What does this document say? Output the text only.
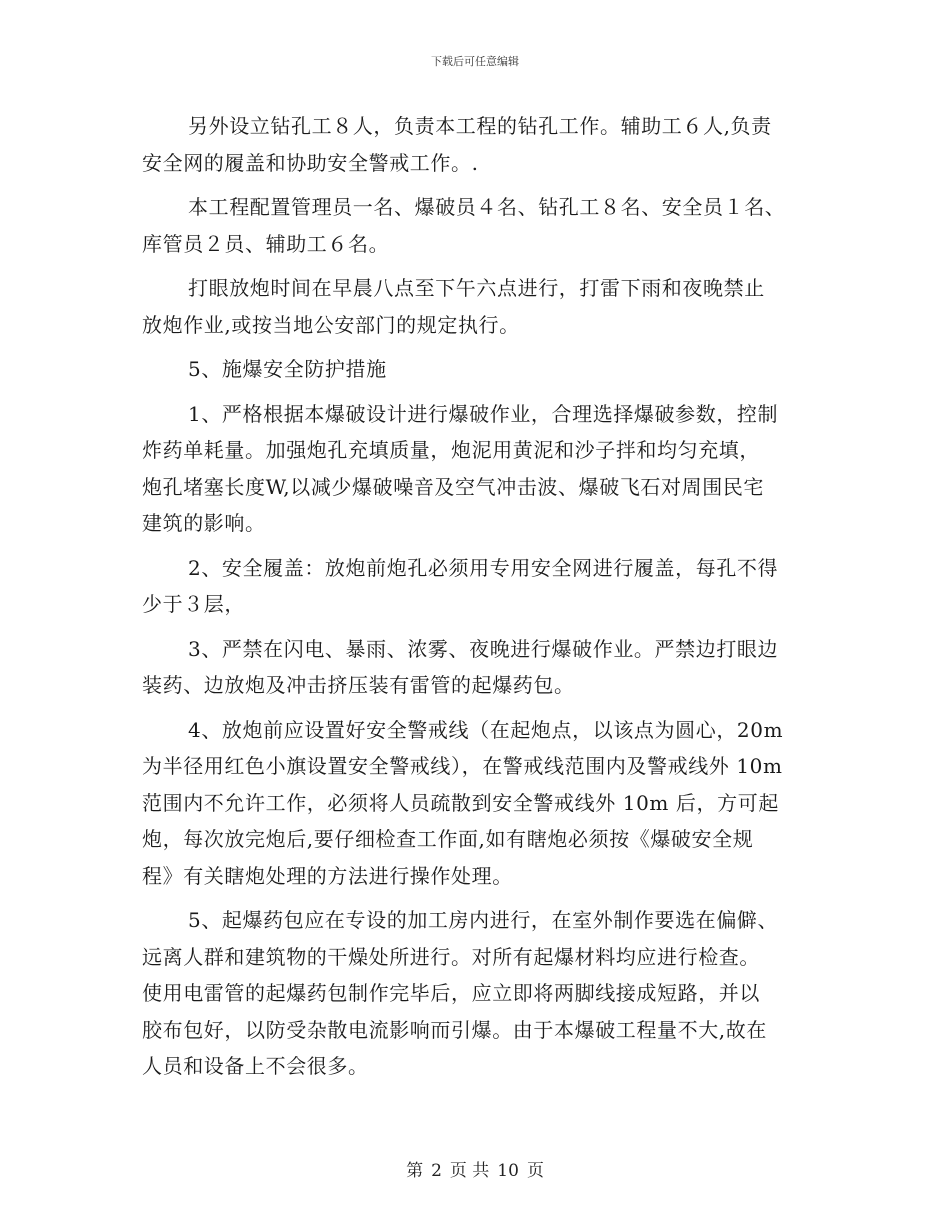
下载后可任意编辑
另外设立钻孔工８人，负责本工程的钻孔工作。辅助工６人,负责
安全网的履盖和协助安全警戒工作。.
本工程配置管理员一名、爆破员４名、钻孔工８名、安全员１名、
库管员２员、辅助工６名。
打眼放炮时间在早晨八点至下午六点进行，打雷下雨和夜晚禁止
放炮作业,或按当地公安部门的规定执行。
5、施爆安全防护措施
1、严格根据本爆破设计进行爆破作业，合理选择爆破参数，控制
炸药单耗量。加强炮孔充填质量，炮泥用黄泥和沙子拌和均匀充填，
炮孔堵塞长度W,以减少爆破噪音及空气冲击波、爆破飞石对周围民宅
建筑的影响。
2、安全履盖：放炮前炮孔必须用专用安全网进行履盖，每孔不得
少于３层，
3、严禁在闪电、暴雨、浓雾、夜晚进行爆破作业。严禁边打眼边
装药、边放炮及冲击挤压装有雷管的起爆药包。
4、放炮前应设置好安全警戒线（在起炮点，以该点为圆心，20m
为半径用红色小旗设置安全警戒线），在警戒线范围内及警戒线外 10m
范围内不允许工作，必须将人员疏散到安全警戒线外 10m 后，方可起
炮，每次放完炮后,要仔细检查工作面,如有瞎炮必须按《爆破安全规
程》有关瞎炮处理的方法进行操作处理。
5、起爆药包应在专设的加工房内进行，在室外制作要选在偏僻、
远离人群和建筑物的干燥处所进行。对所有起爆材料均应进行检查。
使用电雷管的起爆药包制作完毕后，应立即将两脚线接成短路，并以
胶布包好，以防受杂散电流影响而引爆。由于本爆破工程量不大,故在
人员和设备上不会很多。
第 2 页 共 10 页
